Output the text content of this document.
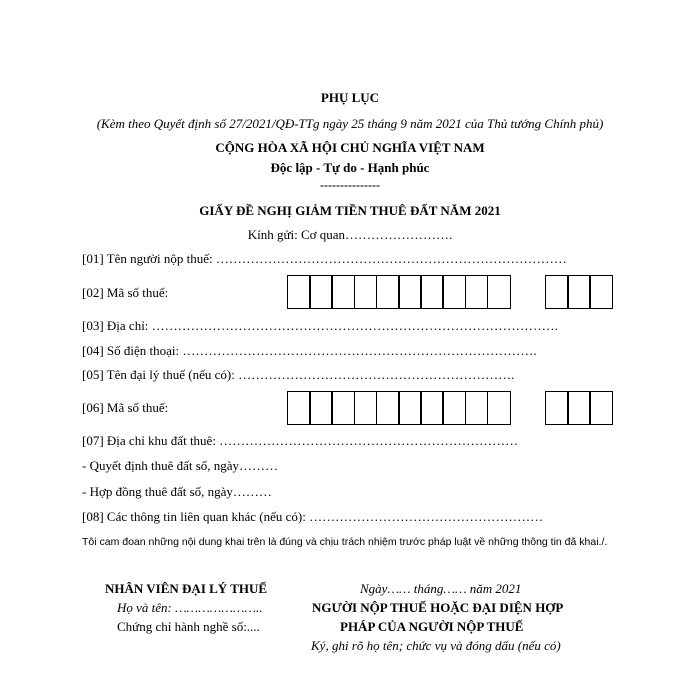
PHỤ LỤC
(Kèm theo Quyết định số 27/2021/QĐ-TTg ngày 25 tháng 9 năm 2021 của Thủ tướng Chính phủ)
CỘNG HÒA XÃ HỘI CHỦ NGHĨA VIỆT NAM
Độc lập - Tự do - Hạnh phúc
---------------
GIẤY ĐỀ NGHỊ GIẢM TIỀN THUÊ ĐẤT NĂM 2021
Kính gửi: Cơ quan…………………….
[01] Tên người nộp thuế: ………………………………………………………………………
[02] Mã số thuế:
[03] Địa chỉ: ………………………………………………………………………………….
[04] Số điện thoại: ……………………………………………………………………….
[05] Tên đại lý thuế (nếu có): ……………………………………………………….
[06] Mã số thuế:
[07] Địa chỉ khu đất thuê: ……………………………………………………………
- Quyết định thuê đất số, ngày………
- Hợp đồng thuê đất số, ngày………
[08] Các thông tin liên quan khác (nếu có): ………………………………………………
Tôi cam đoan những nội dung khai trên là đúng và chịu trách nhiệm trước pháp luật về những thông tin đã khai./.
NHÂN VIÊN ĐẠI LÝ THUẾ
Họ và tên: …………………..
Chứng chỉ hành nghề số:....
Ngày…… tháng…… năm 2021
NGƯỜI NỘP THUẾ HOẶC ĐẠI DIỆN HỢP
PHÁP CỦA NGƯỜI NỘP THUẾ
Ký, ghi rõ họ tên; chức vụ và đóng dấu (nếu có)
